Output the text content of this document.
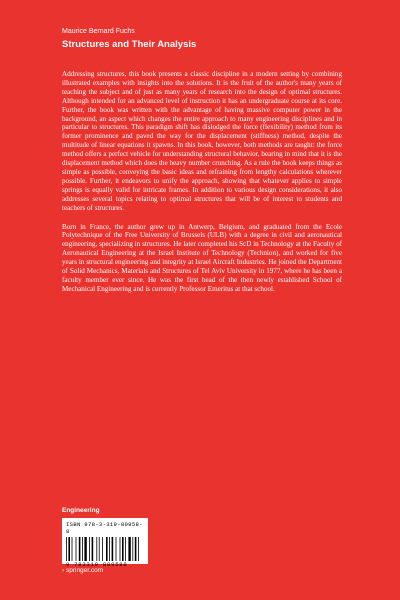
Maurice Bernard Fuchs

Structures and Their Analysis

Addressing structures, this book presents a classic discipline in a modern setting by combining illustrated examples with insights into the solutions. It is the fruit of the author's many years of teaching the subject and of just as many years of research into the design of optimal structures. Although intended for an advanced level of instruction it has an undergraduate course at its core. Further, the book was written with the advantage of having massive computer power in the background, an aspect which changes the entire approach to many engineering disciplines and in particular to structures. This paradigm shift has dislodged the force (flexibility) method from its former prominence and paved the way for the displacement (stiffness) method, despite the multitude of linear equations it spawns. In this book, however, both methods are taught: the force method offers a perfect vehicle for understanding structural behavior, bearing in mind that it is the displacement method which does the heavy number crunching. As a rule the book keeps things as simple as possible, conveying the basic ideas and refraining from lengthy calculations wherever possible. Further, it endeavors to unify the approach, showing that whatever applies to simple springs is equally valid for intricate frames. In addition to various design considerations, it also addresses several topics relating to optimal structures that will be of interest to students and teachers of structures.

Born in France, the author grew up in Antwerp, Belgium, and graduated from the Ecole Polytechnique of the Free University of Brussels (ULB) with a degree in civil and aeronautical engineering, specializing in structures. He later completed his ScD in Technology at the Faculty of Aeronautical Engineering at the Israel Institute of Technology (Technion), and worked for five years in structural engineering and integrity at Israel Aircraft Industries. He joined the Department of Solid Mechanics, Materials and Structures of Tel Aviv University in 1977, where he has been a faculty member ever since. He was the first head of the then newly established School of Mechanical Engineering and is currently Professor Emeritus at that school.

Engineering

ISBN 978-3-319-80958-8
9 783319 809588

› springer.com
